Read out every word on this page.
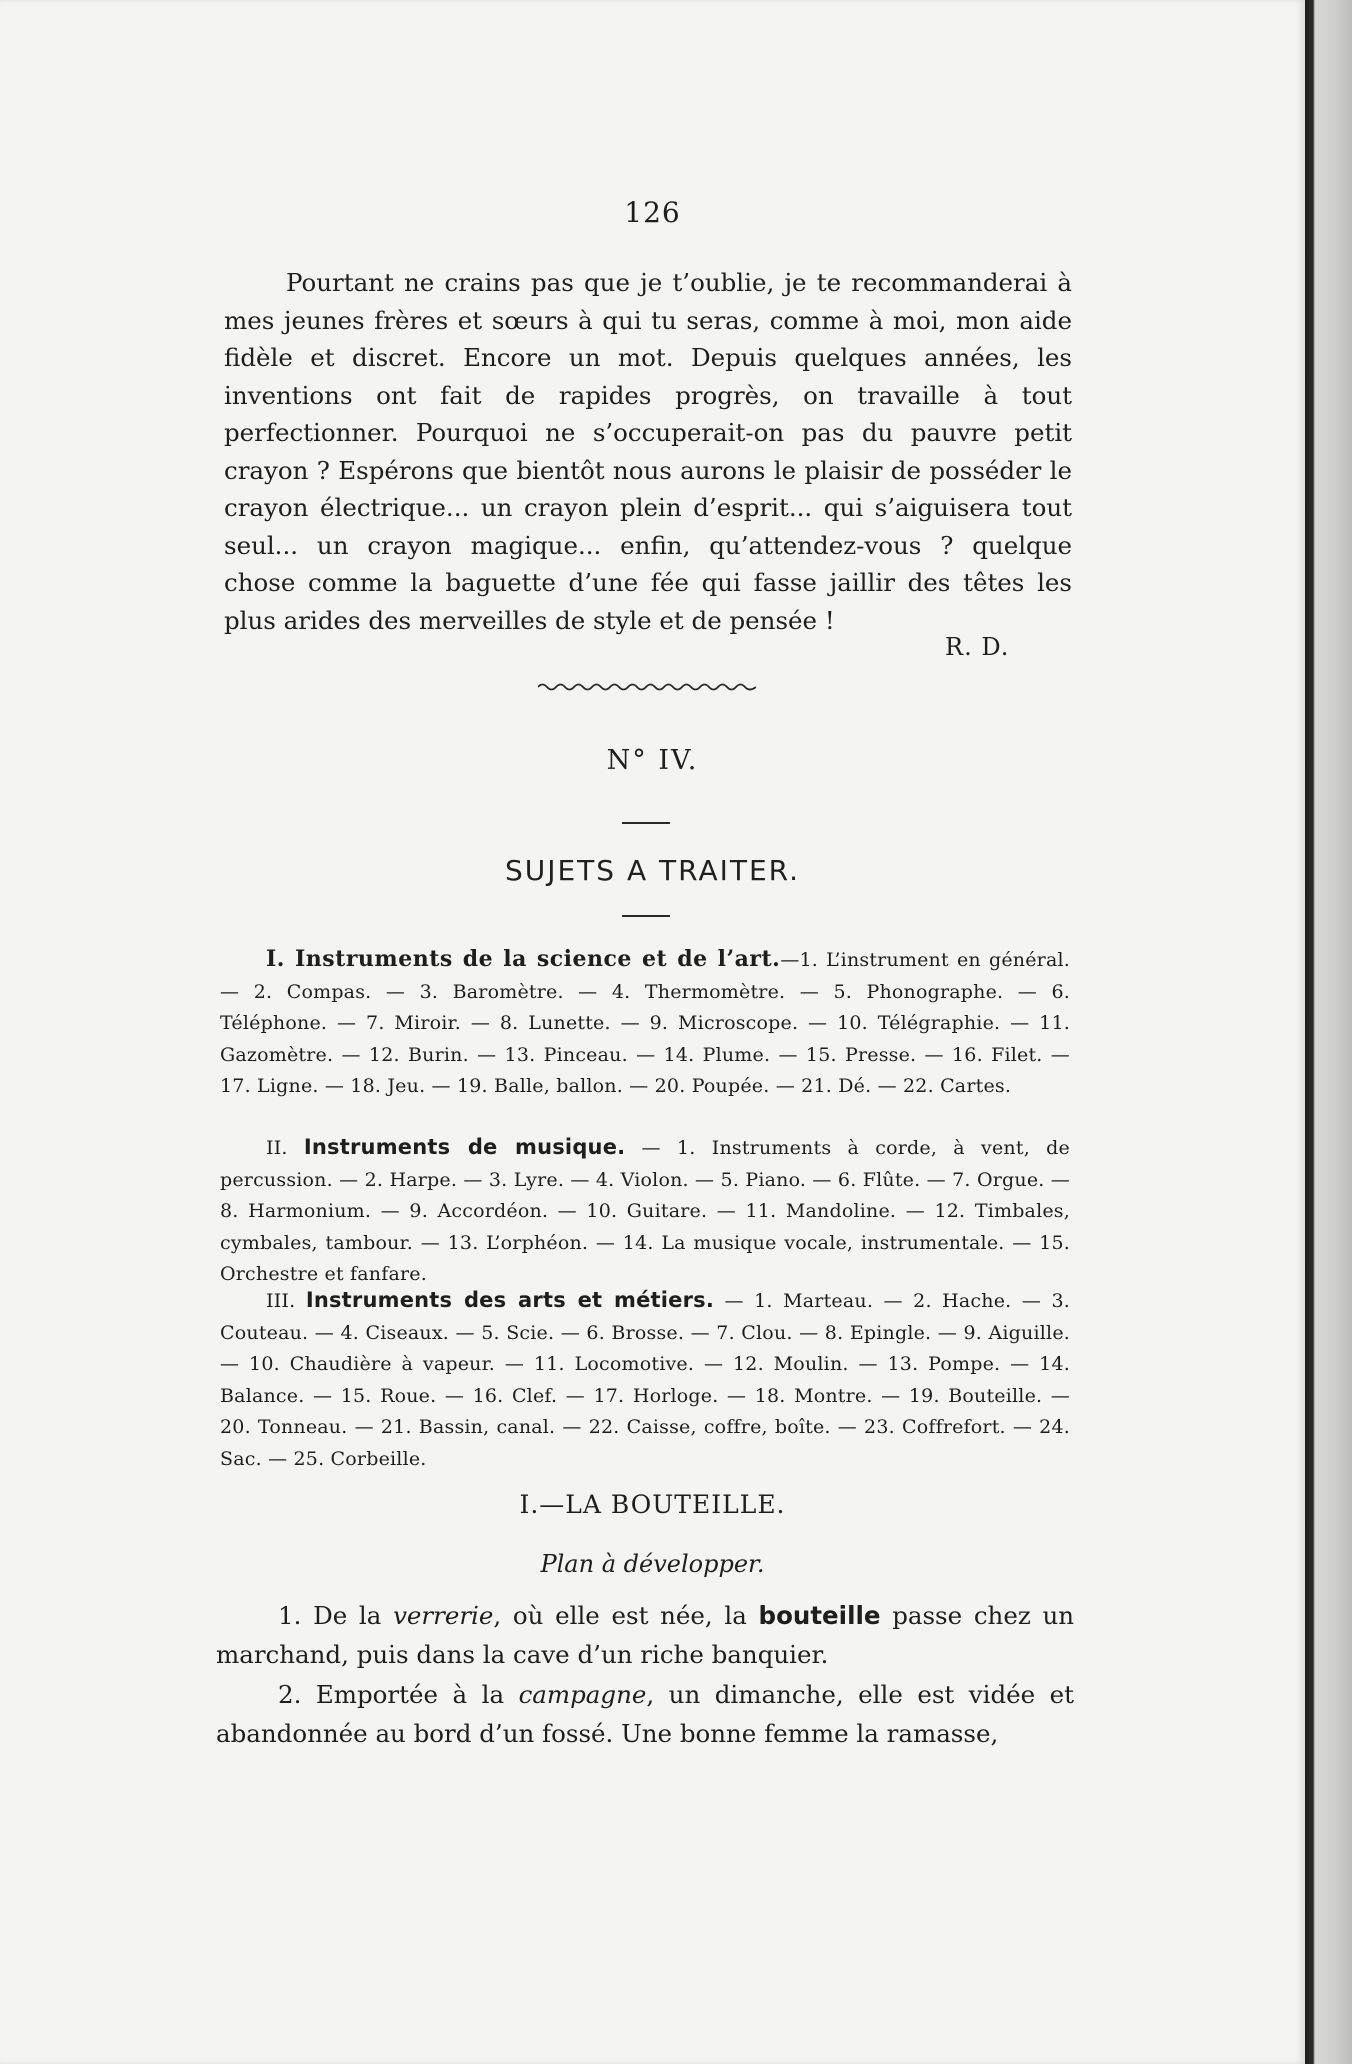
126

Pourtant ne crains pas que je t’oublie, je te recommanderai à mes jeunes frères et sœurs à qui tu seras, comme à moi, mon aide fidèle et discret. Encore un mot. Depuis quelques années, les inventions ont fait de rapides progrès, on travaille à tout perfectionner. Pourquoi ne s’occuperait-on pas du pauvre petit crayon ? Espérons que bientôt nous aurons le plaisir de posséder le crayon électrique... un crayon plein d’esprit... qui s’aiguisera tout seul... un crayon magique... enfin, qu’attendez-vous ? quelque chose comme la baguette d’une fée qui fasse jaillir des têtes les plus arides des merveilles de style et de pensée !

R. D.
N° IV.
SUJETS A TRAITER.

I. Instruments de la science et de l’art.—1. L’instrument en général. — 2. Compas. — 3. Baromètre. — 4. Thermomètre. — 5. Phonographe. — 6. Téléphone. — 7. Miroir. — 8. Lunette. — 9. Microscope. — 10. Télégraphie. — 11. Gazomètre. — 12. Burin. — 13. Pinceau. — 14. Plume. — 15. Presse. — 16. Filet. — 17. Ligne. — 18. Jeu. — 19. Balle, ballon. — 20. Poupée. — 21. Dé. — 22. Cartes.

II. Instruments de musique. — 1. Instruments à corde, à vent, de percussion. — 2. Harpe. — 3. Lyre. — 4. Violon. — 5. Piano. — 6. Flûte. — 7. Orgue. — 8. Harmonium. — 9. Accordéon. — 10. Guitare. — 11. Mandoline. — 12. Timbales, cymbales, tambour. — 13. L’orphéon. — 14. La musique vocale, instrumentale. — 15. Orchestre et fanfare.

III. Instruments des arts et métiers. — 1. Marteau. — 2. Hache. — 3. Couteau. — 4. Ciseaux. — 5. Scie. — 6. Brosse. — 7. Clou. — 8. Epingle. — 9. Aiguille. — 10. Chaudière à vapeur. — 11. Locomotive. — 12. Moulin. — 13. Pompe. — 14. Balance. — 15. Roue. — 16. Clef. — 17. Horloge. — 18. Montre. — 19. Bouteille. — 20. Tonneau. — 21. Bassin, canal. — 22. Caisse, coffre, boîte. — 23. Coffrefort. — 24. Sac. — 25. Corbeille.

I.—LA BOUTEILLE.
Plan à développer.

1. De la verrerie, où elle est née, la bouteille passe chez un marchand, puis dans la cave d’un riche banquier.

2. Emportée à la campagne, un dimanche, elle est vidée et abandonnée au bord d’un fossé. Une bonne femme la ramasse,
